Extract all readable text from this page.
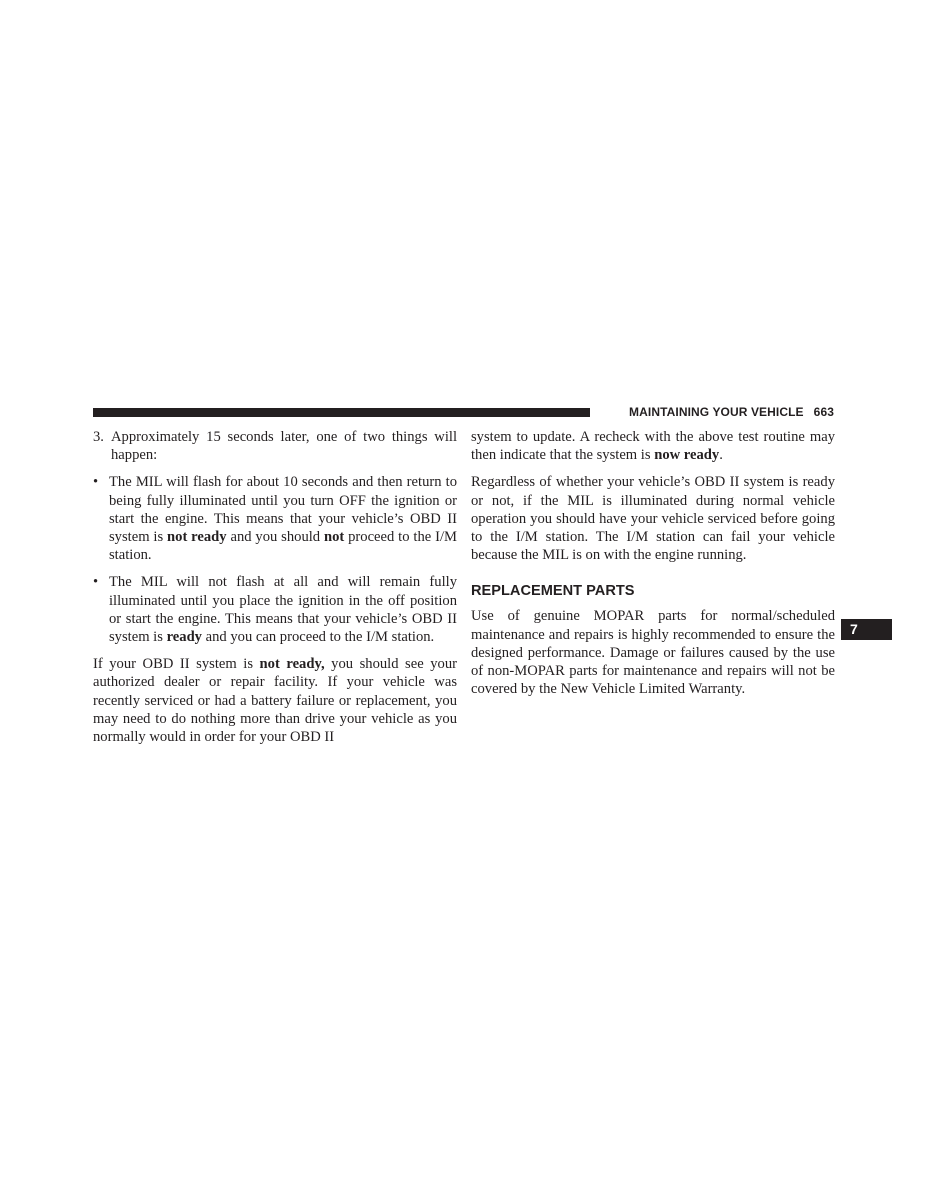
MAINTAINING YOUR VEHICLE 663
7

3. Approximately 15 seconds later, one of two things will happen:

• The MIL will flash for about 10 seconds and then return to being fully illuminated until you turn OFF the ignition or start the engine. This means that your vehicle’s OBD II system is not ready and you should not proceed to the I/M station.

• The MIL will not flash at all and will remain fully illuminated until you place the ignition in the off position or start the engine. This means that your vehicle’s OBD II system is ready and you can proceed to the I/M station.

If your OBD II system is not ready, you should see your authorized dealer or repair facility. If your vehicle was recently serviced or had a battery failure or replacement, you may need to do nothing more than drive your vehicle as you normally would in order for your OBD II

system to update. A recheck with the above test routine may then indicate that the system is now ready.

Regardless of whether your vehicle’s OBD II system is ready or not, if the MIL is illuminated during normal vehicle operation you should have your vehicle serviced before going to the I/M station. The I/M station can fail your vehicle because the MIL is on with the engine running.

REPLACEMENT PARTS

Use of genuine MOPAR parts for normal/scheduled maintenance and repairs is highly recommended to ensure the designed performance. Damage or failures caused by the use of non-MOPAR parts for maintenance and repairs will not be covered by the New Vehicle Limited Warranty.
